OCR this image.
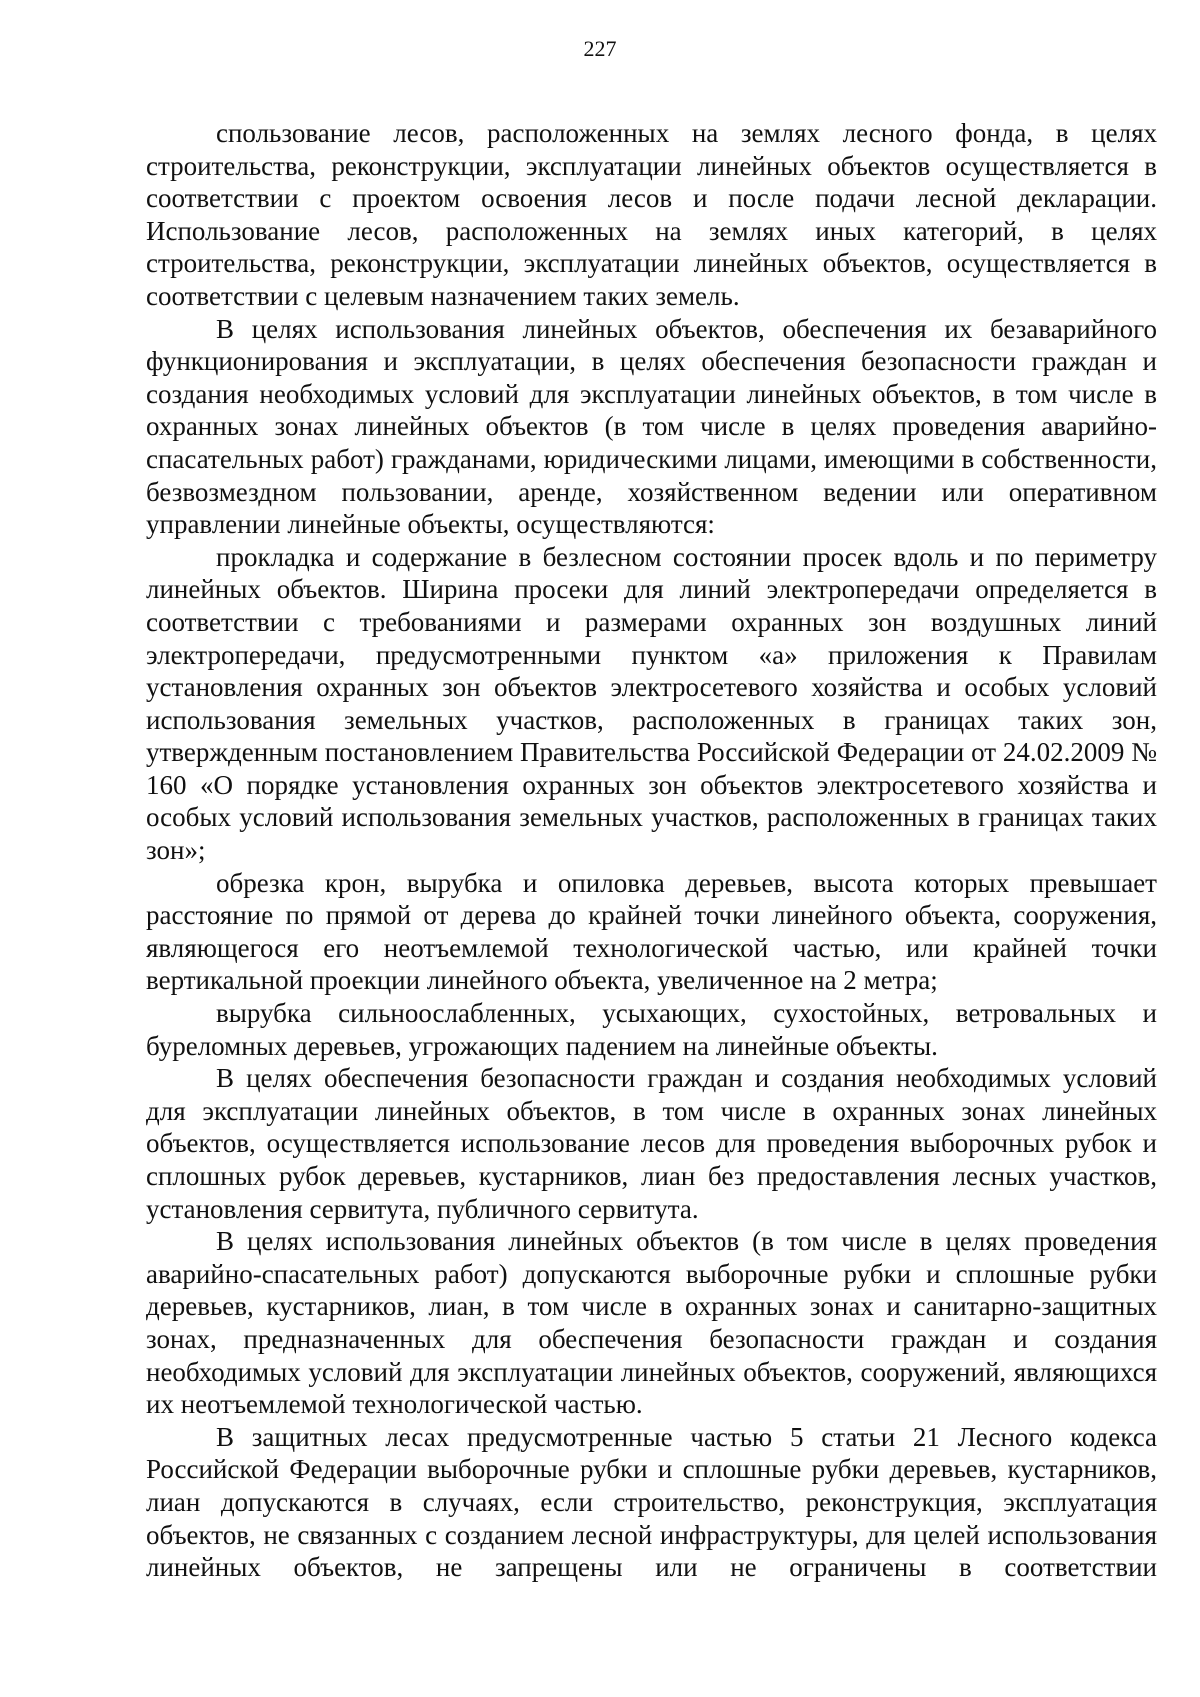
227

спользование лесов, расположенных на землях лесного фонда, в целях строительства, реконструкции, эксплуатации линейных объектов осуществляется в соответствии с проектом освоения лесов и после подачи лесной декларации. Использование лесов, расположенных на землях иных категорий, в целях строительства, реконструкции, эксплуатации линейных объектов, осуществляется в соответствии с целевым назначением таких земель.

В целях использования линейных объектов, обеспечения их безаварийного функционирования и эксплуатации, в целях обеспечения безопасности граждан и создания необходимых условий для эксплуатации линейных объектов, в том числе в охранных зонах линейных объектов (в том числе в целях проведения аварийно-спасательных работ) гражданами, юридическими лицами, имеющими в собственности, безвозмездном пользовании, аренде, хозяйственном ведении или оперативном управлении линейные объекты, осуществляются:

прокладка и содержание в безлесном состоянии просек вдоль и по периметру линейных объектов. Ширина просеки для линий электропередачи определяется в соответствии с требованиями и размерами охранных зон воздушных линий электропередачи, предусмотренными пунктом «а» приложения к Правилам установления охранных зон объектов электросетевого хозяйства и особых условий использования земельных участков, расположенных в границах таких зон, утвержденным постановлением Правительства Российской Федерации от 24.02.2009 № 160 «О порядке установления охранных зон объектов электросетевого хозяйства и особых условий использования земельных участков, расположенных в границах таких зон»;

обрезка крон, вырубка и опиловка деревьев, высота которых превышает расстояние по прямой от дерева до крайней точки линейного объекта, сооружения, являющегося его неотъемлемой технологической частью, или крайней точки вертикальной проекции линейного объекта, увеличенное на 2 метра;

вырубка сильноослабленных, усыхающих, сухостойных, ветровальных и буреломных деревьев, угрожающих падением на линейные объекты.

В целях обеспечения безопасности граждан и создания необходимых условий для эксплуатации линейных объектов, в том числе в охранных зонах линейных объектов, осуществляется использование лесов для проведения выборочных рубок и сплошных рубок деревьев, кустарников, лиан без предоставления лесных участков, установления сервитута, публичного сервитута.

В целях использования линейных объектов (в том числе в целях проведения аварийно-спасательных работ) допускаются выборочные рубки и сплошные рубки деревьев, кустарников, лиан, в том числе в охранных зонах и санитарно-защитных зонах, предназначенных для обеспечения безопасности граждан и создания необходимых условий для эксплуатации линейных объектов, сооружений, являющихся их неотъемлемой технологической частью.

В защитных лесах предусмотренные частью 5 статьи 21 Лесного кодекса Российской Федерации выборочные рубки и сплошные рубки деревьев, кустарников, лиан допускаются в случаях, если строительство, реконструкция, эксплуатация объектов, не связанных с созданием лесной инфраструктуры, для целей использования линейных объектов, не запрещены или не ограничены в соответствии
